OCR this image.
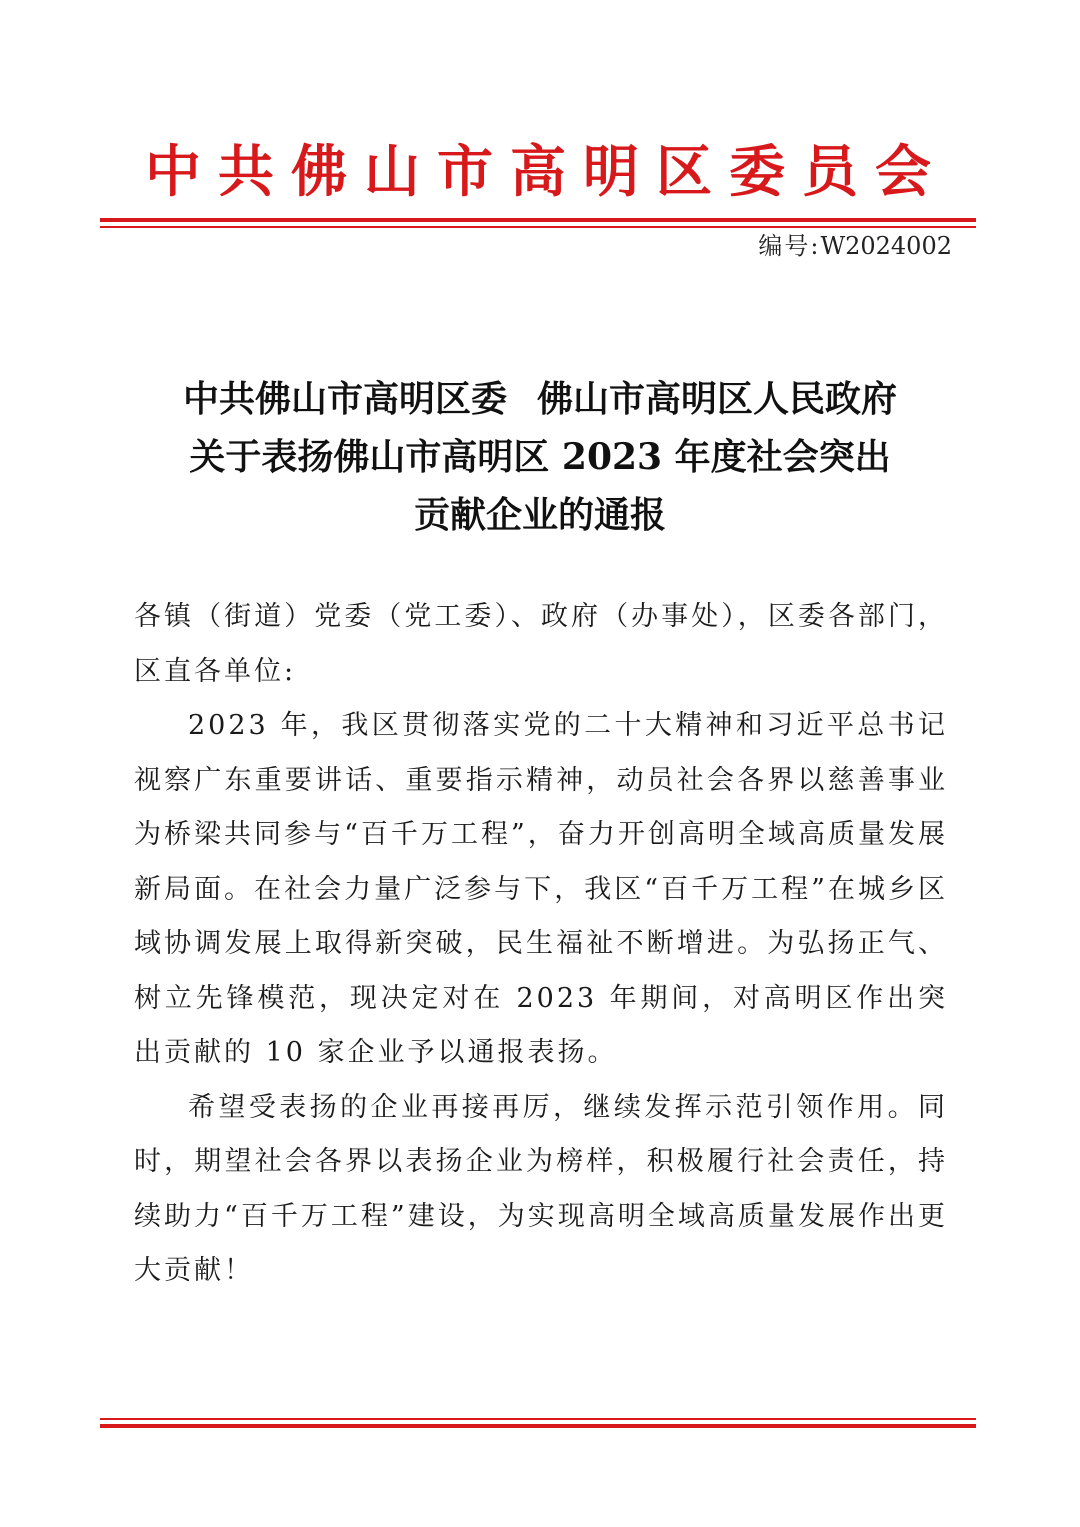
中共佛山市高明区委员会
编号:W2024002
中共佛山市高明区委 佛山市高明区人民政府
关于表扬佛山市高明区 2023 年度社会突出
贡献企业的通报

各镇（街道）党委（党工委）、政府（办事处），区委各部门，区直各单位:

2023 年，我区贯彻落实党的二十大精神和习近平总书记视察广东重要讲话、重要指示精神，动员社会各界以慈善事业为桥梁共同参与“百千万工程”，奋力开创高明全域高质量发展新局面。在社会力量广泛参与下，我区“百千万工程”在城乡区域协调发展上取得新突破，民生福祉不断增进。为弘扬正气、树立先锋模范，现决定对在 2023 年期间，对高明区作出突出贡献的 10 家企业予以通报表扬。

希望受表扬的企业再接再厉，继续发挥示范引领作用。同时，期望社会各界以表扬企业为榜样，积极履行社会责任，持续助力“百千万工程”建设，为实现高明全域高质量发展作出更大贡献！
